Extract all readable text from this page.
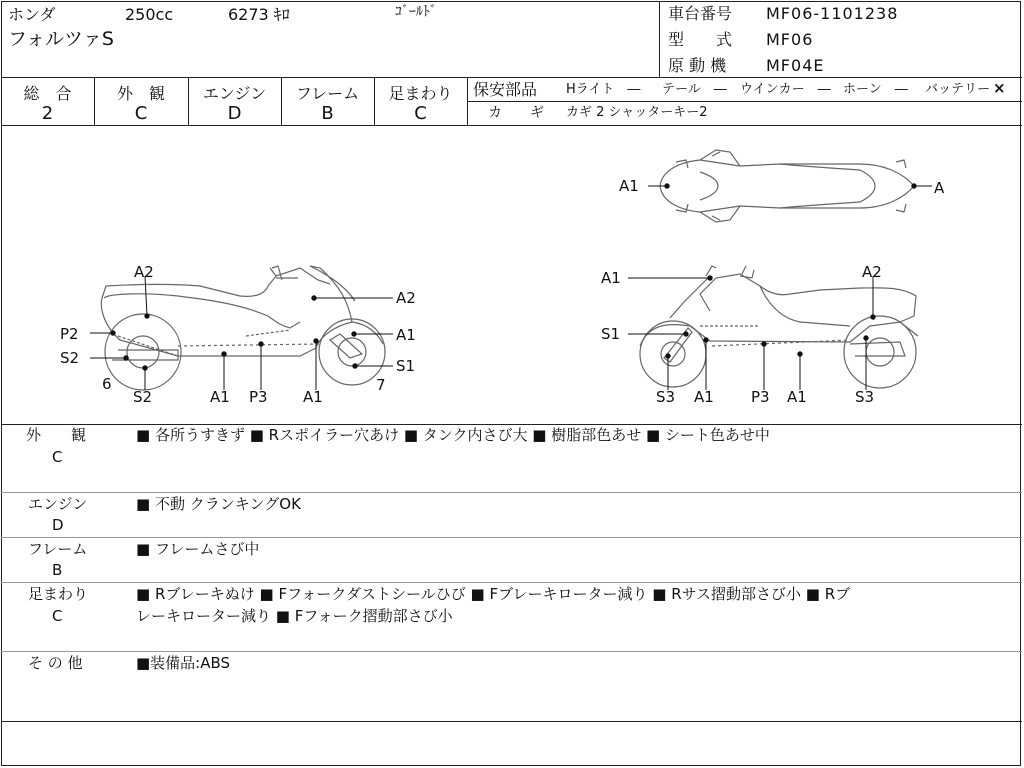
ホンダ	250cc	6273 ｷﾛ	ｺﾞｰﾙﾄﾞ
フォルツァS
車台番号 MF06-1101238
型　　式 MF06
原 動 機 MF04E
総　合
2
外　観
C
エンジン
D
フレーム
B
足まわり
C
保安部品 Hライト　― テール　― ウインカー　― ホーン　― バッテリー ×
カ　　ギ カギ 2 シャッターキー2
A2
A2
P2	A1
S2	S1
6	7
S2	A1 P3 A1
A1	A2
S1
S3 A1 P3 A1	S3
A1	A
外　　観
C
■ 各所うすきず ■ Rスポイラー穴あけ ■ タンク内さび大 ■ 樹脂部色あせ ■ シート色あせ中
エンジン
D
■ 不動 クランキングOK
フレーム
B
■ フレームさび中
足まわり
C
■ Rブレーキぬけ ■ Fフォークダストシールひび ■ Fブレーキローター減り ■ Rサス摺動部さび小 ■ Rブ
レーキローター減り ■ Fフォーク摺動部さび小
そ の 他	■装備品:ABS
